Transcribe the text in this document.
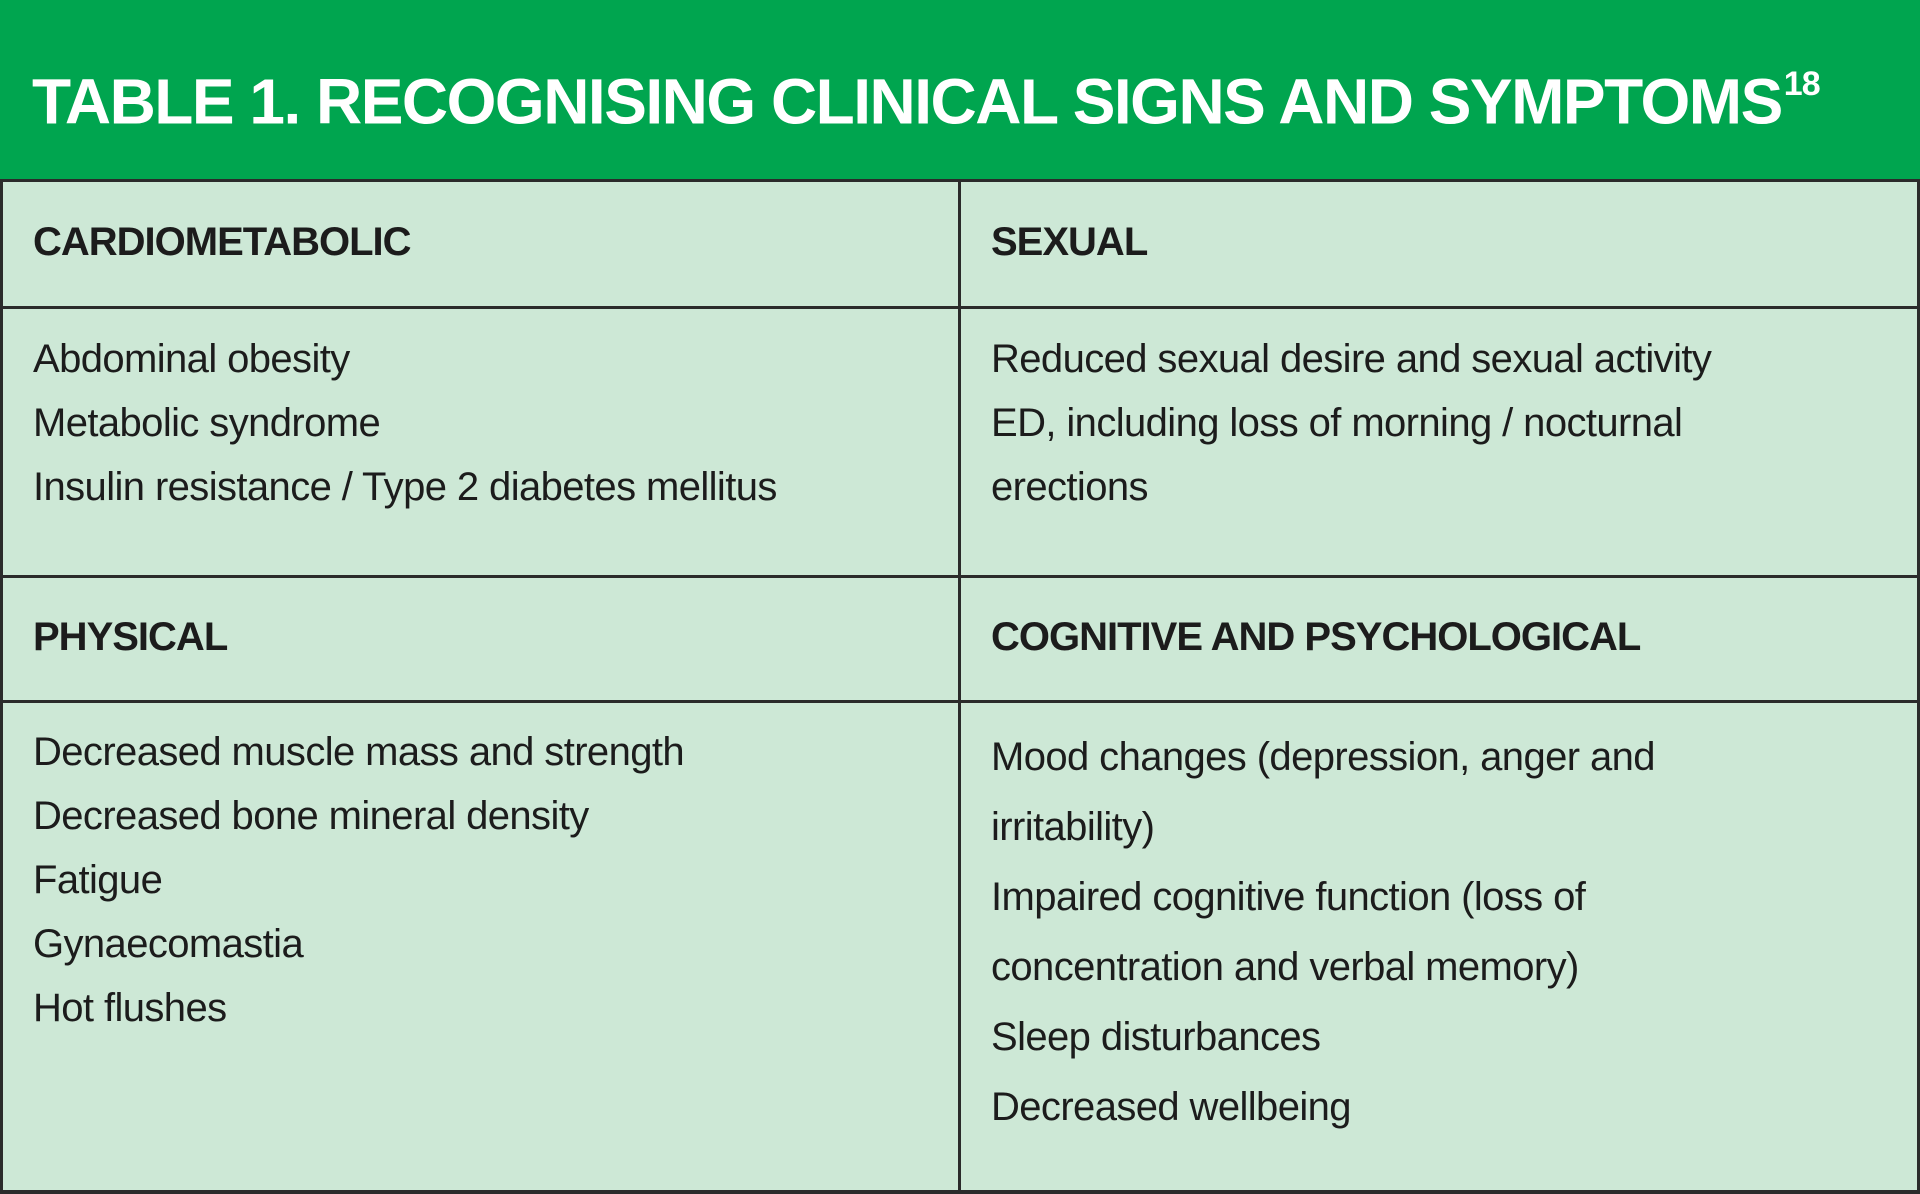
TABLE 1. RECOGNISING CLINICAL SIGNS AND SYMPTOMS$^{18}$
CARDIOMETABOLIC	SEXUAL
Abdominal obesity
Metabolic syndrome
Insulin resistance / Type 2 diabetes mellitus
Reduced sexual desire and sexual activity
ED, including loss of morning / nocturnal
erections
PHYSICAL	COGNITIVE AND PSYCHOLOGICAL
Decreased muscle mass and strength
Decreased bone mineral density
Fatigue
Gynaecomastia
Hot flushes
Mood changes (depression, anger and
irritability)
Impaired cognitive function (loss of
concentration and verbal memory)
Sleep disturbances
Decreased wellbeing
